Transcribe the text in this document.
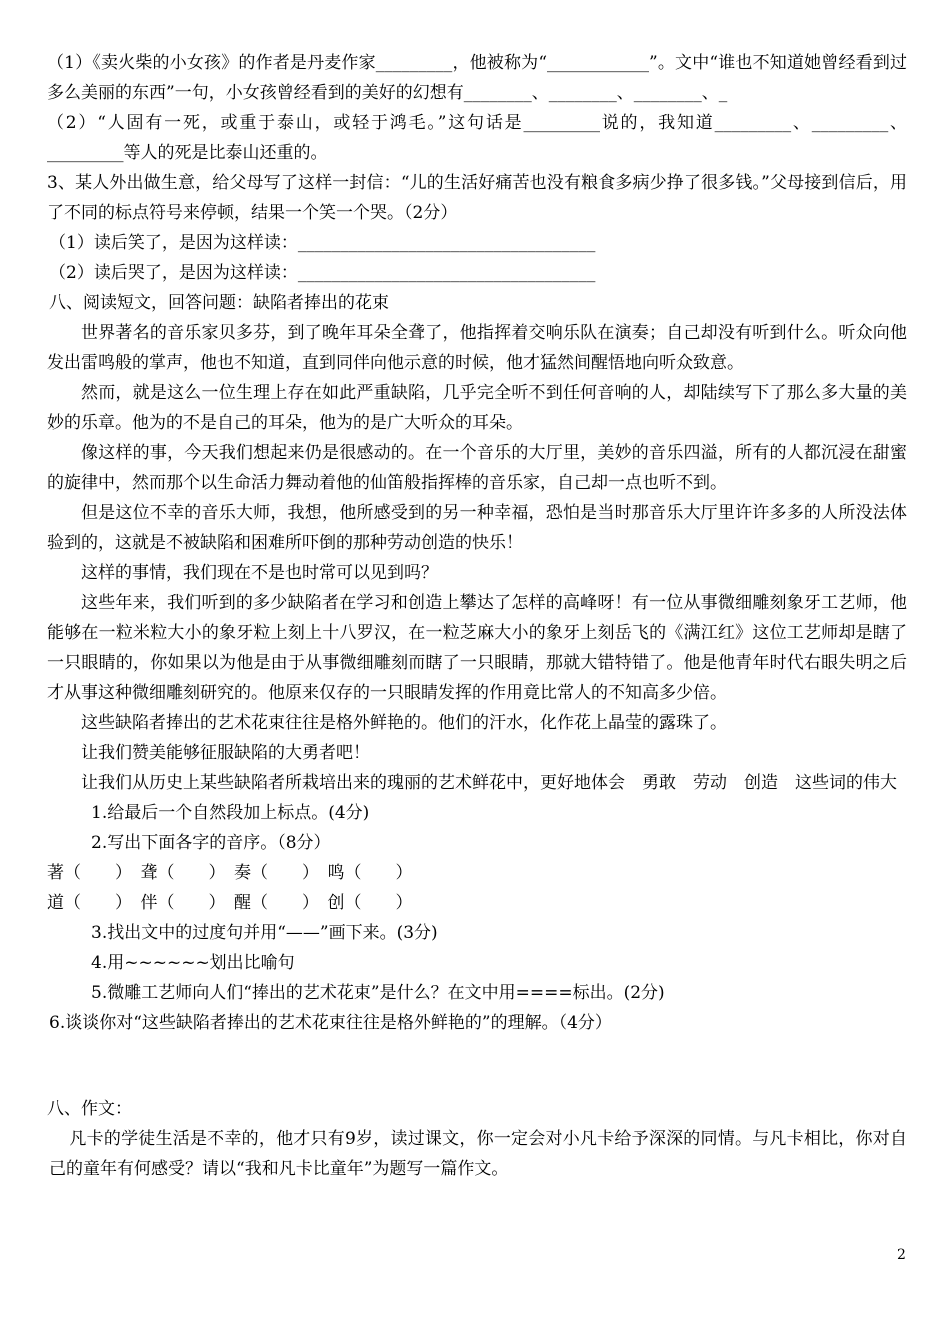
（1）《卖火柴的小女孩》的作者是丹麦作家_________，他被称为“____________”。文中“谁也不知道她曾经看到过多么美丽的东西”一句，小女孩曾经看到的美好的幻想有________、________、________、_

（2）“人固有一死，或重于泰山，或轻于鸿毛。”这句话是_________说的，我知道_________、_________、_________等人的死是比泰山还重的。

3、某人外出做生意，给父母写了这样一封信：“儿的生活好痛苦也没有粮食多病少挣了很多钱。”父母接到信后，用了不同的标点符号来停顿，结果一个笑一个哭。（2分）

（1）读后笑了，是因为这样读：___________________________________

（2）读后哭了，是因为这样读：___________________________________

八、阅读短文，回答问题：缺陷者捧出的花束

世界著名的音乐家贝多芬，到了晚年耳朵全聋了，他指挥着交响乐队在演奏；自己却没有听到什么。听众向他发出雷鸣般的掌声，他也不知道，直到同伴向他示意的时候，他才猛然间醒悟地向听众致意。

然而，就是这么一位生理上存在如此严重缺陷，几乎完全听不到任何音响的人，却陆续写下了那么多大量的美妙的乐章。他为的不是自己的耳朵，他为的是广大听众的耳朵。

像这样的事，今天我们想起来仍是很感动的。在一个音乐的大厅里，美妙的音乐四溢，所有的人都沉浸在甜蜜的旋律中，然而那个以生命活力舞动着他的仙笛般指挥棒的音乐家，自己却一点也听不到。

但是这位不幸的音乐大师，我想，他所感受到的另一种幸福，恐怕是当时那音乐大厅里许许多多的人所没法体验到的，这就是不被缺陷和困难所吓倒的那种劳动创造的快乐！

这样的事情，我们现在不是也时常可以见到吗？

这些年来，我们听到的多少缺陷者在学习和创造上攀达了怎样的高峰呀！有一位从事微细雕刻象牙工艺师，他能够在一粒米粒大小的象牙粒上刻上十八罗汉，在一粒芝麻大小的象牙上刻岳飞的《满江红》这位工艺师却是瞎了一只眼睛的，你如果以为他是由于从事微细雕刻而瞎了一只眼睛，那就大错特错了。他是他青年时代右眼失明之后才从事这种微细雕刻研究的。他原来仅存的一只眼睛发挥的作用竟比常人的不知高多少倍。

这些缺陷者捧出的艺术花束往往是格外鲜艳的。他们的汗水，化作花上晶莹的露珠了。

让我们赞美能够征服缺陷的大勇者吧！

让我们从历史上某些缺陷者所栽培出来的瑰丽的艺术鲜花中，更好地体会　勇敢　劳动　创造　这些词的伟大

1.给最后一个自然段加上标点。(4分)

2.写出下面各字的音序。（8分）

著（　　）　聋（　　）　奏（　　）　鸣（　　）

道（　　）　伴（　　）　醒（　　）　创（　　）

3.找出文中的过度句并用“——”画下来。(3分)

4.用~~~~~~划出比喻句

5.微雕工艺师向人们“捧出的艺术花束”是什么？在文中用====标出。(2分)

6.谈谈你对“这些缺陷者捧出的艺术花束往往是格外鲜艳的”的理解。（4分）

八、作文：

凡卡的学徒生活是不幸的，他才只有9岁，读过课文，你一定会对小凡卡给予深深的同情。与凡卡相比，你对自己的童年有何感受？请以“我和凡卡比童年”为题写一篇作文。

2
